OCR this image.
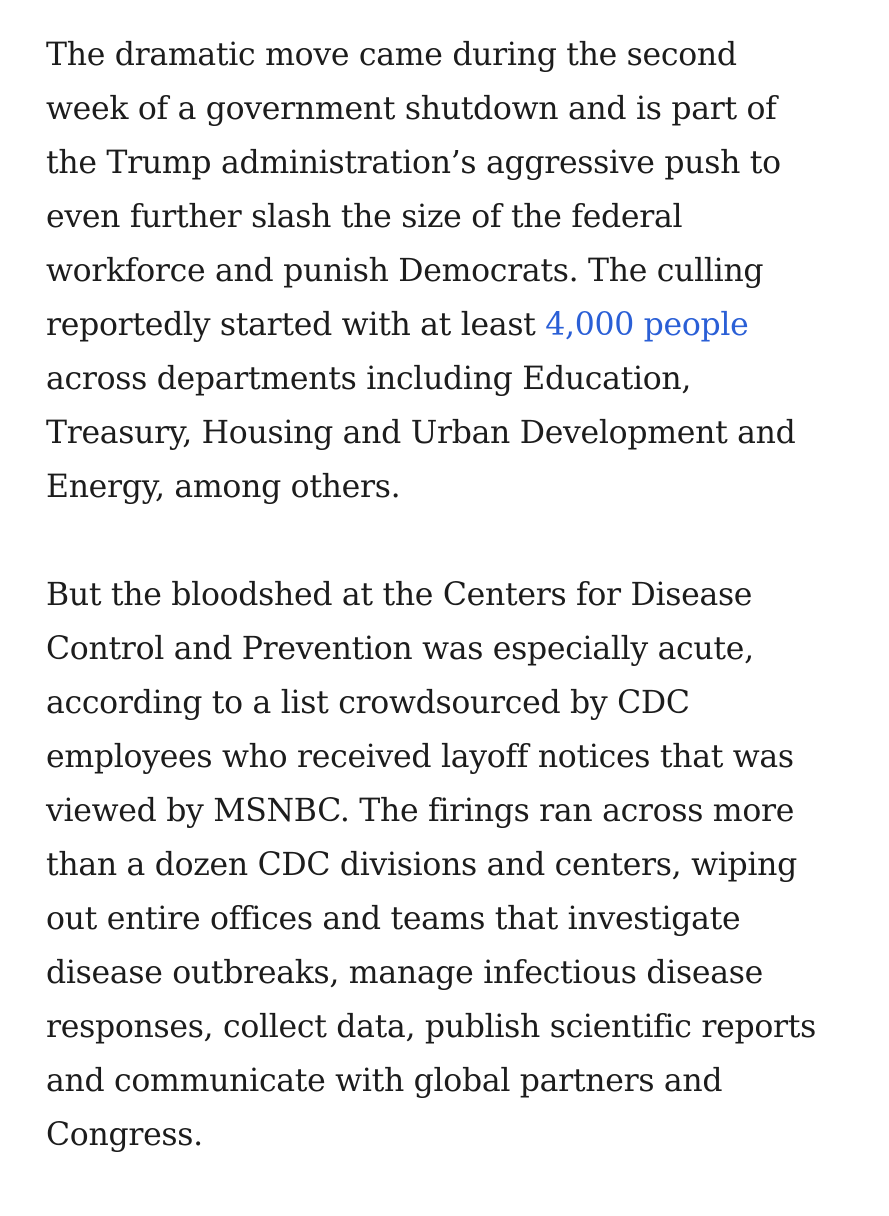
The dramatic move came during the second
week of a government shutdown and is part of
the Trump administration’s aggressive push to
even further slash the size of the federal
workforce and punish Democrats. The culling
reportedly started with at least 4,000 people
across departments including Education,
Treasury, Housing and Urban Development and
Energy, among others.

But the bloodshed at the Centers for Disease
Control and Prevention was especially acute,
according to a list crowdsourced by CDC
employees who received layoff notices that was
viewed by MSNBC. The firings ran across more
than a dozen CDC divisions and centers, wiping
out entire offices and teams that investigate
disease outbreaks, manage infectious disease
responses, collect data, publish scientific reports
and communicate with global partners and
Congress.
